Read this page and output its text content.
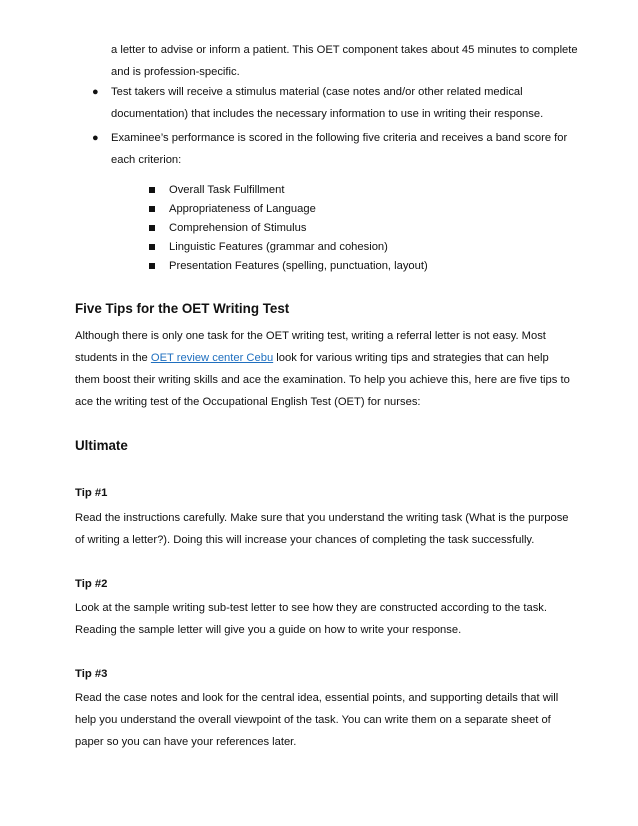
a letter to advise or inform a patient. This OET component takes about 45 minutes to complete and is profession-specific.
●	Test takers will receive a stimulus material (case notes and/or other related medical documentation) that includes the necessary information to use in writing their response.
●	Examinee’s performance is scored in the following five criteria and receives a band score for each criterion:
Overall Task Fulfillment
Appropriateness of Language
Comprehension of Stimulus
Linguistic Features (grammar and cohesion)
Presentation Features (spelling, punctuation, layout)
Five Tips for the OET Writing Test
Although there is only one task for the OET writing test, writing a referral letter is not easy. Most students in the OET review center Cebu look for various writing tips and strategies that can help them boost their writing skills and ace the examination. To help you achieve this, here are five tips to ace the writing test of the Occupational English Test (OET) for nurses:
Ultimate
Tip #1
Read the instructions carefully. Make sure that you understand the writing task (What is the purpose of writing a letter?). Doing this will increase your chances of completing the task successfully.
Tip #2
Look at the sample writing sub-test letter to see how they are constructed according to the task. Reading the sample letter will give you a guide on how to write your response.
Tip #3
Read the case notes and look for the central idea, essential points, and supporting details that will help you understand the overall viewpoint of the task. You can write them on a separate sheet of paper so you can have your references later.
